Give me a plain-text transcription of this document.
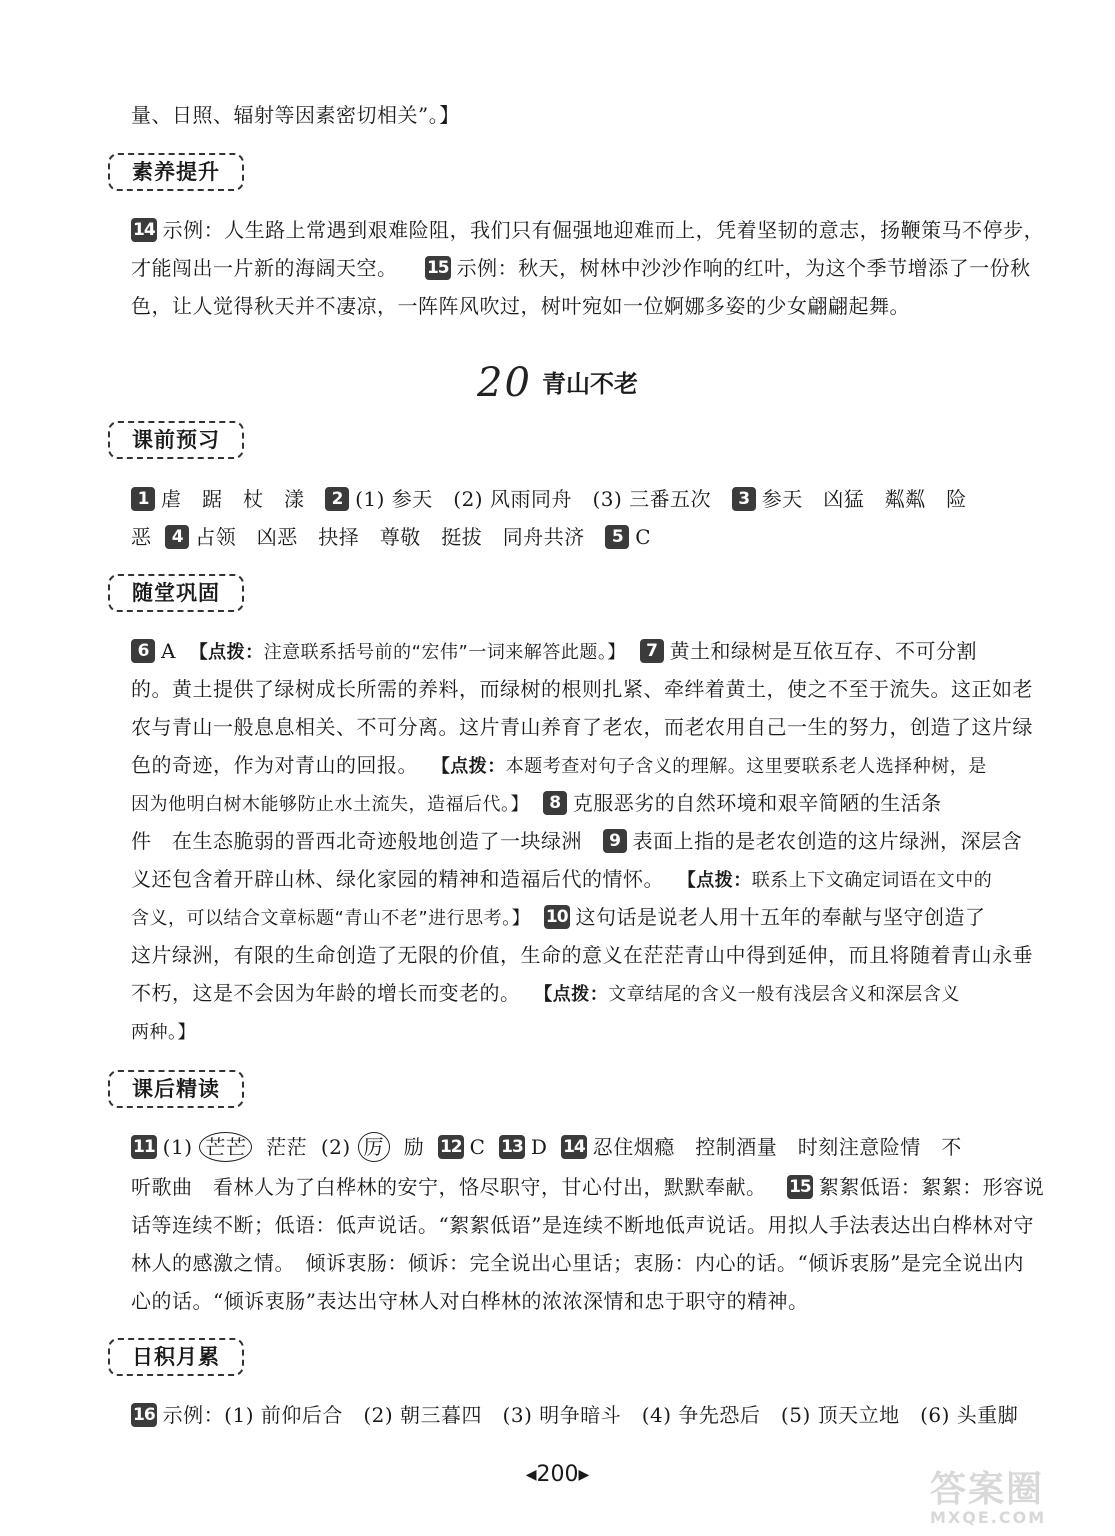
量、日照、辐射等因素密切相关”。】
素养提升
14 示例：人生路上常遇到艰难险阻，我们只有倔强地迎难而上，凭着坚韧的意志，扬鞭策马不停步，
才能闯出一片新的海阔天空。 15 示例：秋天，树林中沙沙作响的红叶，为这个季节增添了一份秋
色，让人觉得秋天并不凄凉，一阵阵风吹过，树叶宛如一位婀娜多姿的少女翩翩起舞。
20 青山不老
课前预习
1 虐　踞　杖　漾 2 (1) 参天　(2) 风雨同舟　(3) 三番五次 3 参天　凶猛　粼粼　险
恶 4 占领　凶恶　抉择　尊敬　挺拔　同舟共济 5 C
随堂巩固
6 A 【点拨：注意联系括号前的“宏伟”一词来解答此题。】 7 黄土和绿树是互依互存、不可分割
的。黄土提供了绿树成长所需的养料，而绿树的根则扎紧、牵绊着黄土，使之不至于流失。这正如老
农与青山一般息息相关、不可分离。这片青山养育了老农，而老农用自己一生的努力，创造了这片绿
色的奇迹，作为对青山的回报。 【点拨：本题考查对句子含义的理解。这里要联系老人选择种树，是
因为他明白树木能够防止水土流失，造福后代。】 8 克服恶劣的自然环境和艰辛简陋的生活条
件　在生态脆弱的晋西北奇迹般地创造了一块绿洲 9 表面上指的是老农创造的这片绿洲，深层含
义还包含着开辟山林、绿化家园的精神和造福后代的情怀。 【点拨：联系上下文确定词语在文中的
含义，可以结合文章标题“青山不老”进行思考。】 10 这句话是说老人用十五年的奉献与坚守创造了
这片绿洲，有限的生命创造了无限的价值，生命的意义在茫茫青山中得到延伸，而且将随着青山永垂
不朽，这是不会因为年龄的增长而变老的。 【点拨：文章结尾的含义一般有浅层含义和深层含义
两种。】
课后精读
11 (1) 芒芒 茫茫 (2) 厉 励 12 C 13 D 14 忍住烟瘾　控制酒量　时刻注意险情　不
听歌曲　看林人为了白桦林的安宁，恪尽职守，甘心付出，默默奉献。 15 絮絮低语：絮絮：形容说
话等连续不断；低语：低声说话。“絮絮低语”是连续不断地低声说话。用拟人手法表达出白桦林对守
林人的感激之情。　倾诉衷肠：倾诉：完全说出心里话；衷肠：内心的话。“倾诉衷肠”是完全说出内
心的话。“倾诉衷肠”表达出守林人对白桦林的浓浓深情和忠于职守的精神。
日积月累
16 示例：(1) 前仰后合　(2) 朝三暮四　(3) 明争暗斗　(4) 争先恐后　(5) 顶天立地　(6) 头重脚
◀200▶	答案圈
MXQE.COM
